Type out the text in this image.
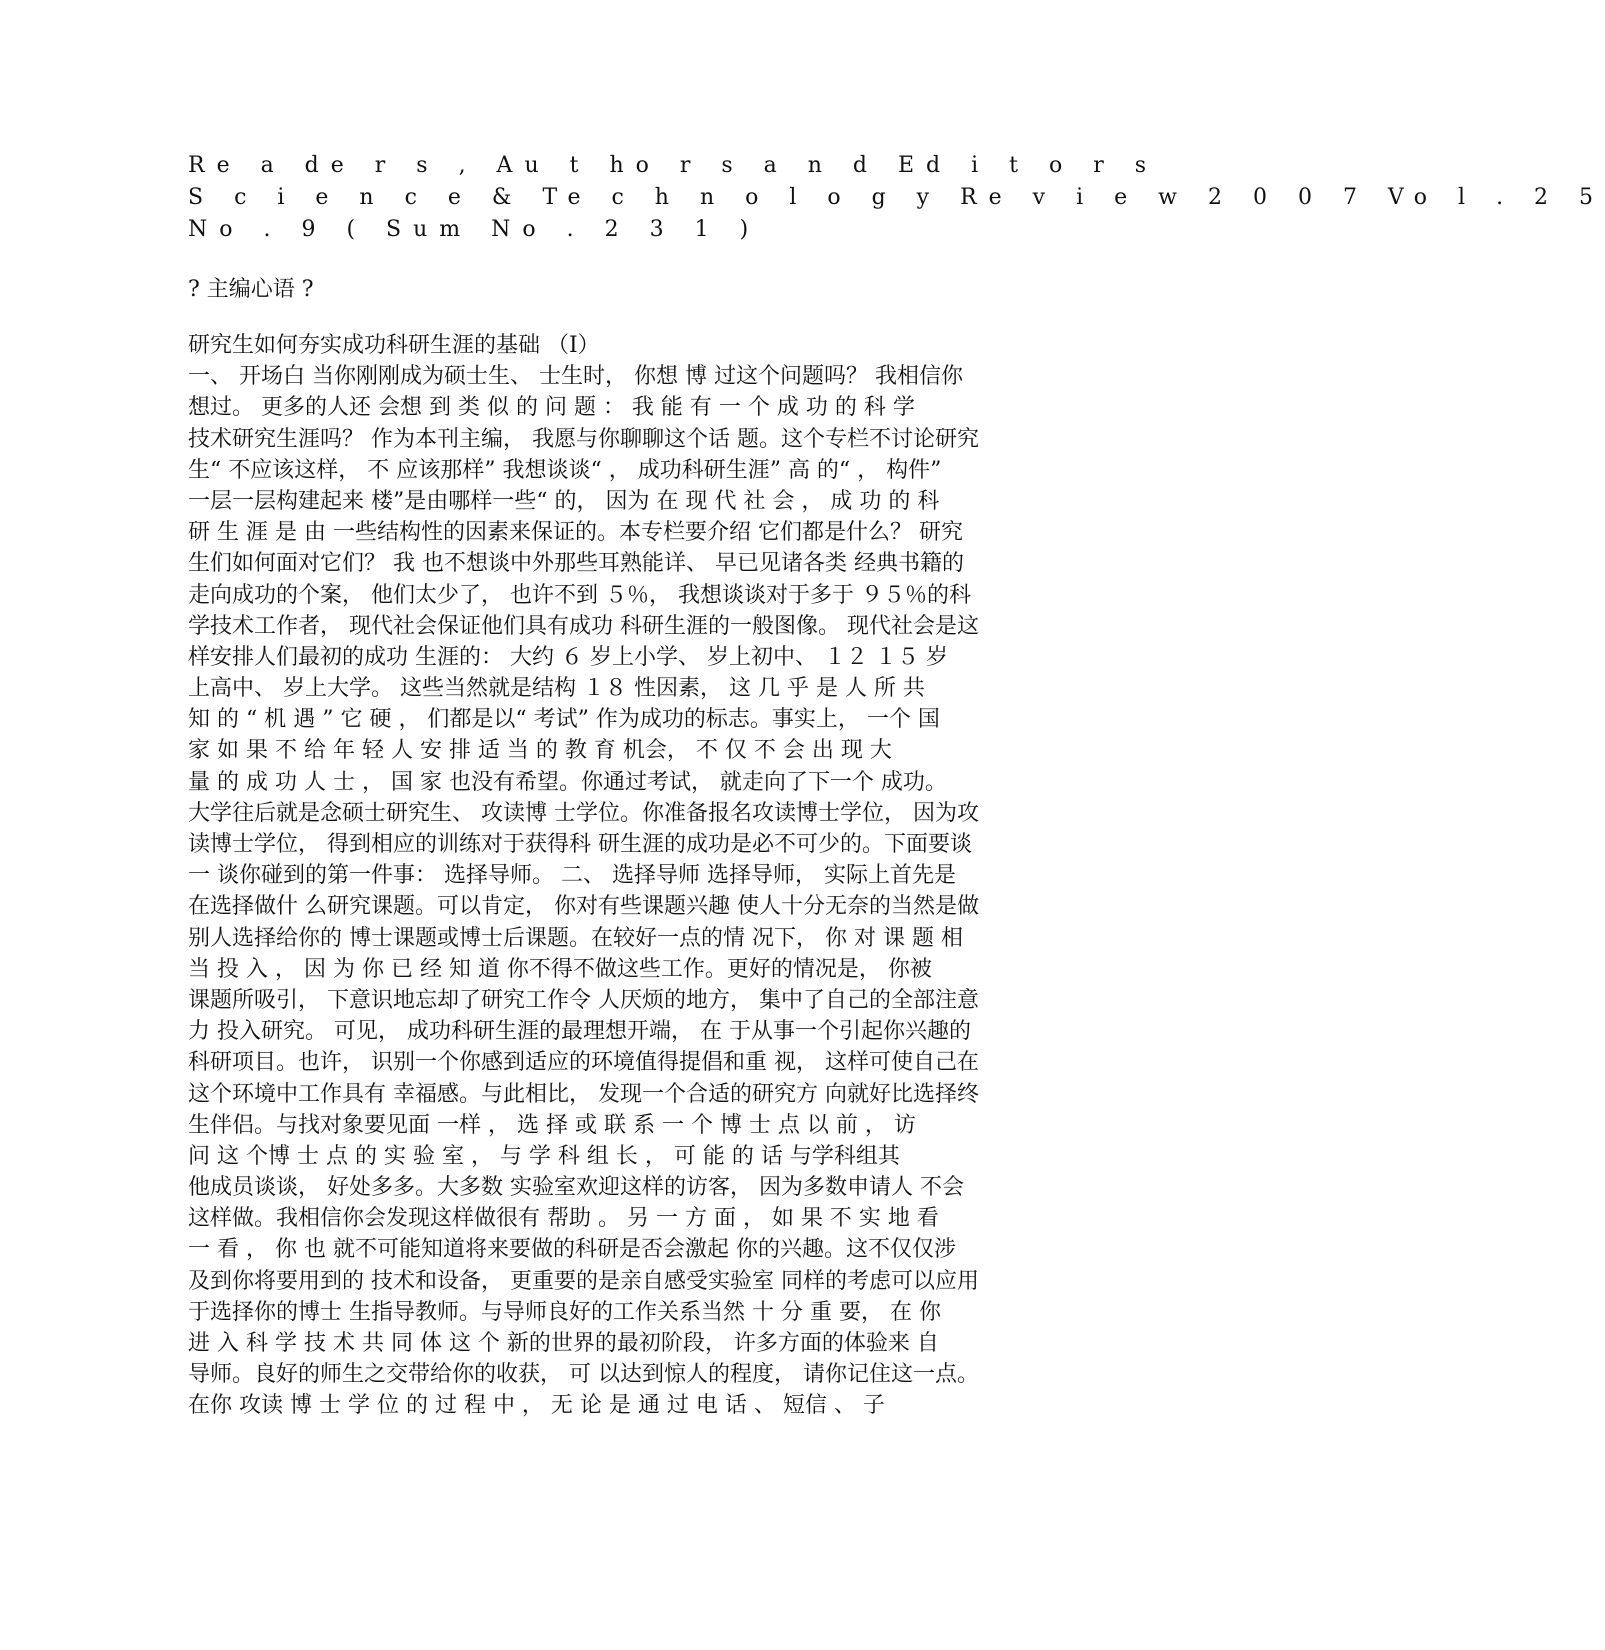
Re a de r s , Au t ho r s a n d Ed i t o r s
S c i e n c e & Te c h n o l o g y Re v i e w 2 0 0 7 Vo l . 2 5
No . 9 ( Sum No . 2 3 1 )
? 主编心语 ?
研究生如何夯实成功科研生涯的基础 （Ⅰ）
一、 开场白 当你刚刚成为硕士生、 士生时， 你想 博 过这个问题吗？ 我相信你
想过。 更多的人还 会想 到 类 似 的 问 题 ： 我 能 有 一 个 成 功 的 科 学
技术研究生涯吗？ 作为本刊主编， 我愿与你聊聊这个话 题。这个专栏不讨论研究
生“ 不应该这样， 不 应该那样” 我想谈谈“ ， 成功科研生涯” 高 的“ ， 构件”
一层一层构建起来 楼”是由哪样一些“ 的， 因为 在 现 代 社 会 ， 成 功 的 科
研 生 涯 是 由 一些结构性的因素来保证的。本专栏要介绍 它们都是什么？ 研究
生们如何面对它们？ 我 也不想谈中外那些耳熟能详、 早已见诸各类 经典书籍的
走向成功的个案， 他们太少了， 也许不到 ５％， 我想谈谈对于多于 ９５％的科
学技术工作者， 现代社会保证他们具有成功 科研生涯的一般图像。 现代社会是这
样安排人们最初的成功 生涯的： 大约 ６ 岁上小学、 岁上初中、 １２ １５ 岁
上高中、 岁上大学。 这些当然就是结构 １８ 性因素， 这 几 乎 是 人 所 共
知 的 “ 机 遇 ” 它 硬 ， 们都是以“ 考试” 作为成功的标志。事实上， 一个 国
家 如 果 不 给 年 轻 人 安 排 适 当 的 教 育 机会， 不 仅 不 会 出 现 大
量 的 成 功 人 士 ， 国 家 也没有希望。你通过考试， 就走向了下一个 成功。
大学往后就是念硕士研究生、 攻读博 士学位。你准备报名攻读博士学位， 因为攻
读博士学位， 得到相应的训练对于获得科 研生涯的成功是必不可少的。下面要谈
一 谈你碰到的第一件事： 选择导师。 二、 选择导师 选择导师， 实际上首先是
在选择做什 么研究课题。可以肯定， 你对有些课题兴趣 使人十分无奈的当然是做
别人选择给你的 博士课题或博士后课题。在较好一点的情 况下， 你 对 课 题 相
当 投 入 ， 因 为 你 已 经 知 道 你不得不做这些工作。更好的情况是， 你被
课题所吸引， 下意识地忘却了研究工作令 人厌烦的地方， 集中了自己的全部注意
力 投入研究。 可见， 成功科研生涯的最理想开端， 在 于从事一个引起你兴趣的
科研项目。也许， 识别一个你感到适应的环境值得提倡和重 视， 这样可使自己在
这个环境中工作具有 幸福感。与此相比， 发现一个合适的研究方 向就好比选择终
生伴侣。与找对象要见面 一样 ， 选 择 或 联 系 一 个 博 士 点 以 前 ， 访
问 这 个博 士 点 的 实 验 室 ， 与 学 科 组 长 ， 可 能 的 话 与学科组其
他成员谈谈， 好处多多。大多数 实验室欢迎这样的访客， 因为多数申请人 不会
这样做。我相信你会发现这样做很有 帮助 。 另 一 方 面 ， 如 果 不 实 地 看
一 看 ， 你 也 就不可能知道将来要做的科研是否会激起 你的兴趣。这不仅仅涉
及到你将要用到的 技术和设备， 更重要的是亲自感受实验室 同样的考虑可以应用
于选择你的博士 生指导教师。与导师良好的工作关系当然 十 分 重 要， 在 你
进 入 科 学 技 术 共 同 体 这 个 新的世界的最初阶段， 许多方面的体验来 自
导师。良好的师生之交带给你的收获， 可 以达到惊人的程度， 请你记住这一点。
在你 攻读 博 士 学 位 的 过 程 中 ， 无 论 是 通 过 电 话 、 短信 、 子
